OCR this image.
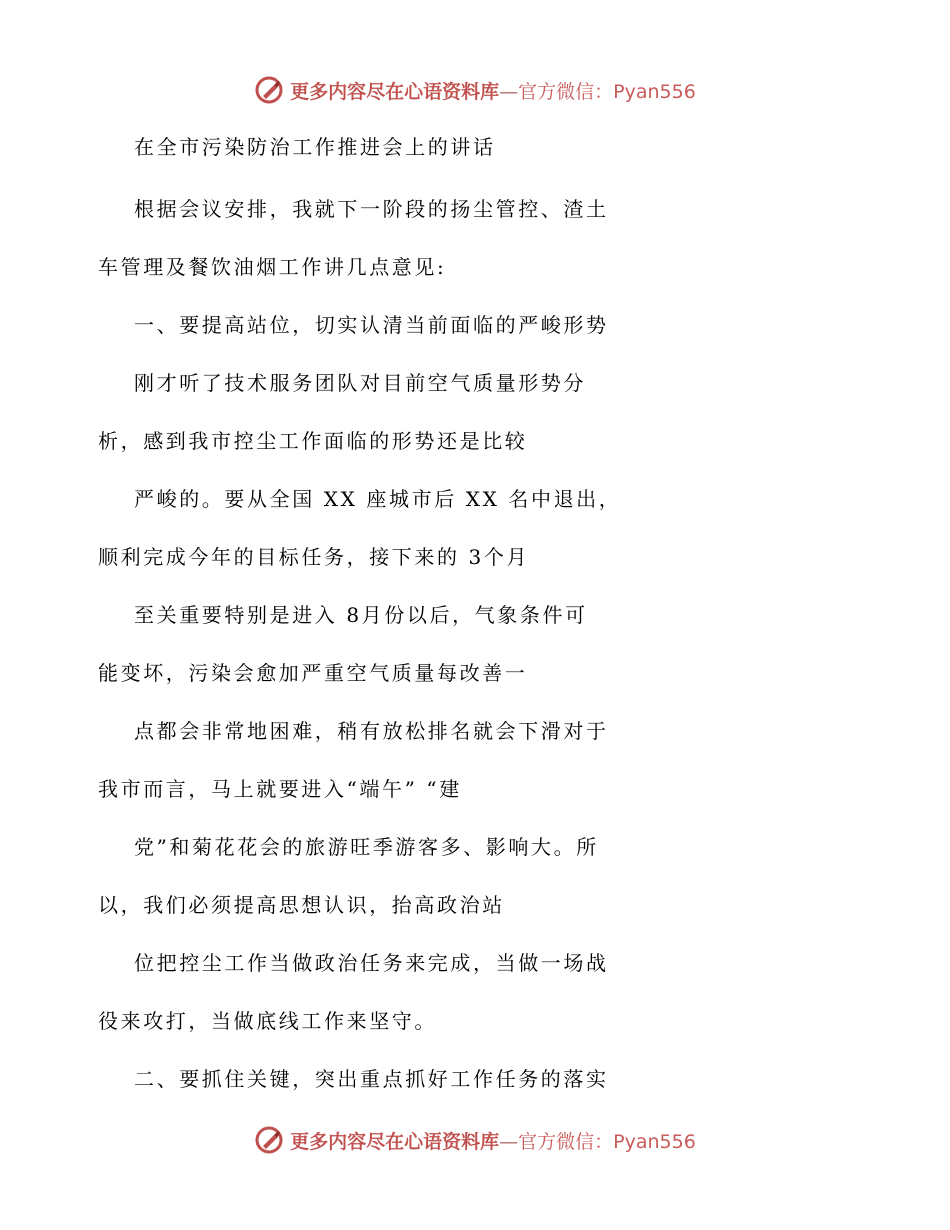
更多内容尽在心语资料库—官方微信：Pyan556
在全市污染防治工作推进会上的讲话
根据会议安排，我就下一阶段的扬尘管控、渣土
车管理及餐饮油烟工作讲几点意见:
一、要提高站位，切实认清当前面临的严峻形势
刚才听了技术服务团队对目前空气质量形势分
析，感到我市控尘工作面临的形势还是比较
严峻的。要从全国 XX 座城市后 XX 名中退出，
顺利完成今年的目标任务，接下来的 3个月
至关重要特别是进入 8月份以后，气象条件可
能变坏，污染会愈加严重空气质量每改善一
点都会非常地困难，稍有放松排名就会下滑对于
我市而言，马上就要进入“端午” “建
党”和菊花花会的旅游旺季游客多、影响大。所
以，我们必须提高思想认识，抬高政治站
位把控尘工作当做政治任务来完成，当做一场战
役来攻打，当做底线工作来坚守。
二、要抓住关键，突出重点抓好工作任务的落实
更多内容尽在心语资料库—官方微信：Pyan556
